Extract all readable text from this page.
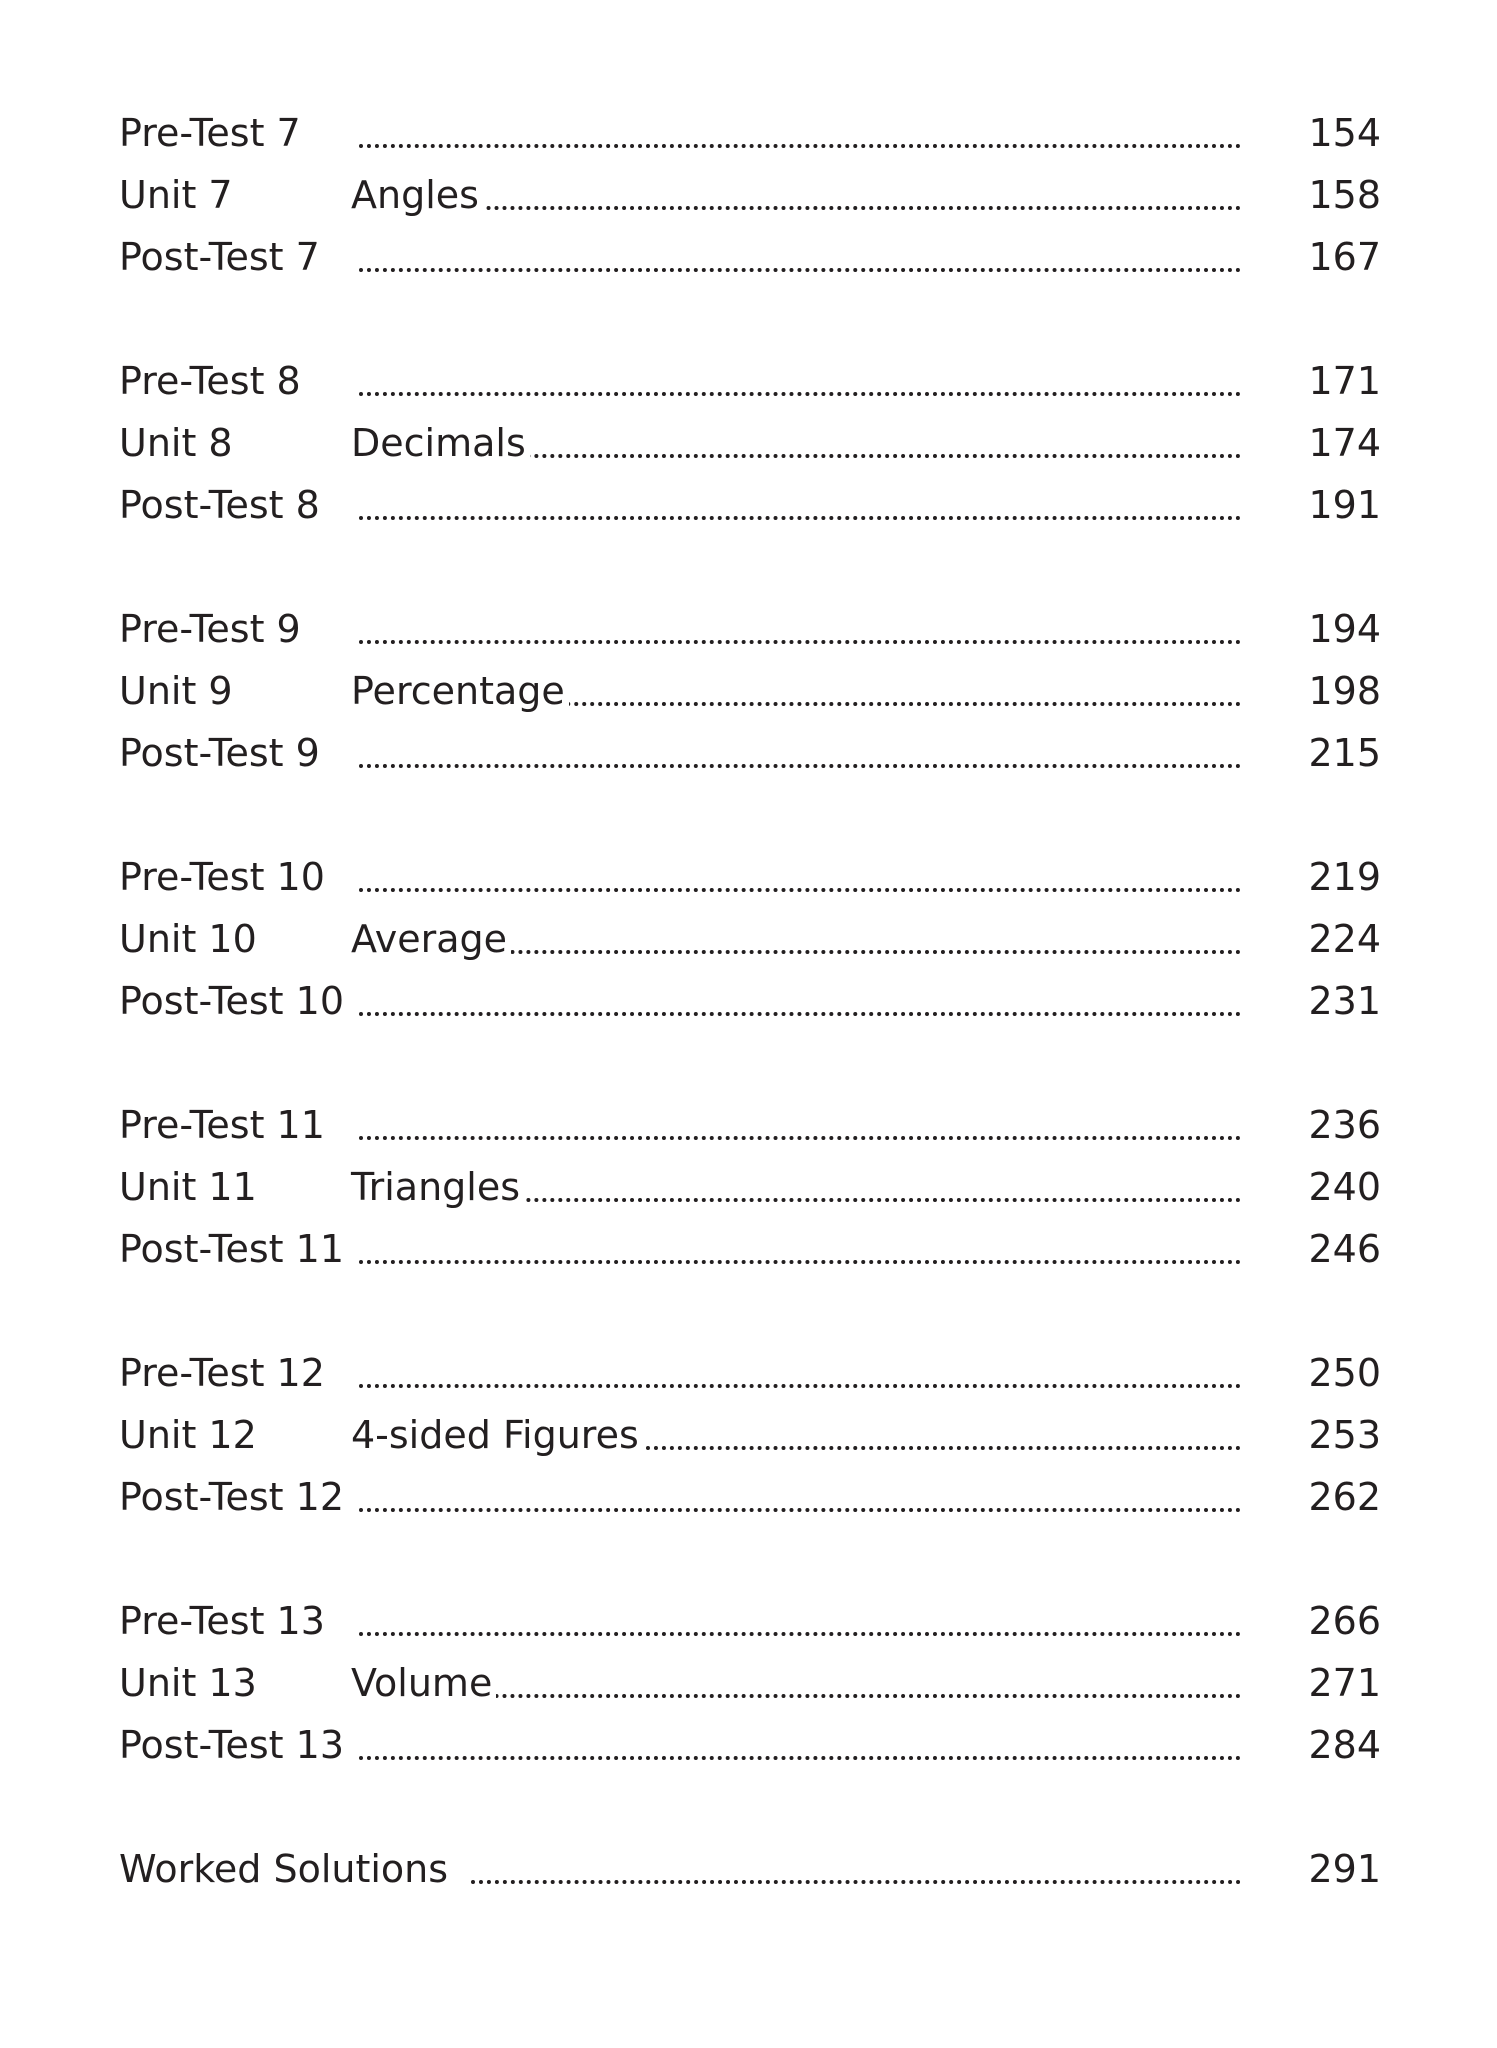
Pre-Test 7	154
Unit 7	Angles	158
Post-Test 7	167
Pre-Test 8	171
Unit 8	Decimals	174
Post-Test 8	191
Pre-Test 9	194
Unit 9	Percentage	198
Post-Test 9	215
Pre-Test 10	219
Unit 10 Average	224
Post-Test 10	231
Pre-Test 11	236
Unit 11 Triangles	240
Post-Test 11	246
Pre-Test 12	250
Unit 12 4-sided Figures	253
Post-Test 12	262
Pre-Test 13	266
Unit 13 Volume	271
Post-Test 13	284
Worked Solutions	291
